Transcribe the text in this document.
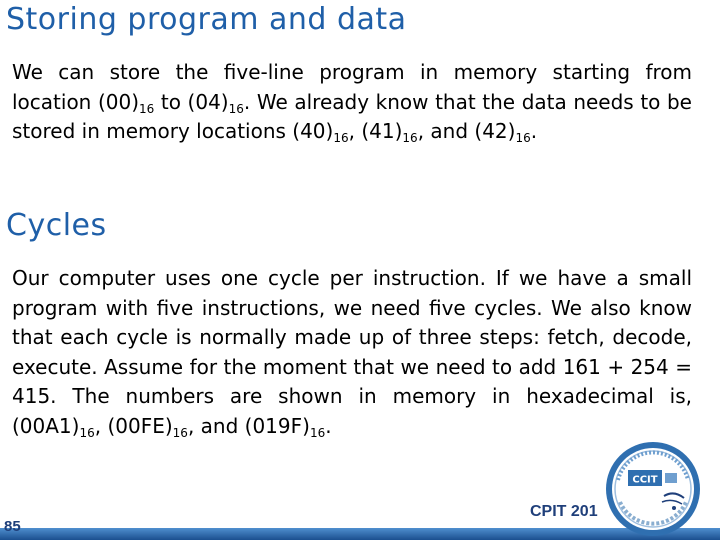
Storing program and data

We can store the five-line program in memory starting from location $(00)_{16}$ to $(04)_{16}$. We already know that the data needs to be stored in memory locations $(40)_{16}$, $(41)_{16}$, and $(42)_{16}$.

Cycles

Our computer uses one cycle per instruction. If we have a small program with five instructions, we need five cycles. We also know that each cycle is normally made up of three steps: fetch, decode, execute. Assume for the moment that we need to add 161 + 254 = 415. The numbers are shown in memory in hexadecimal is, $(00A1)_{16}$, $(00FE)_{16}$, and $(019F)_{16}$.

85
CPIT 201
CCIT
